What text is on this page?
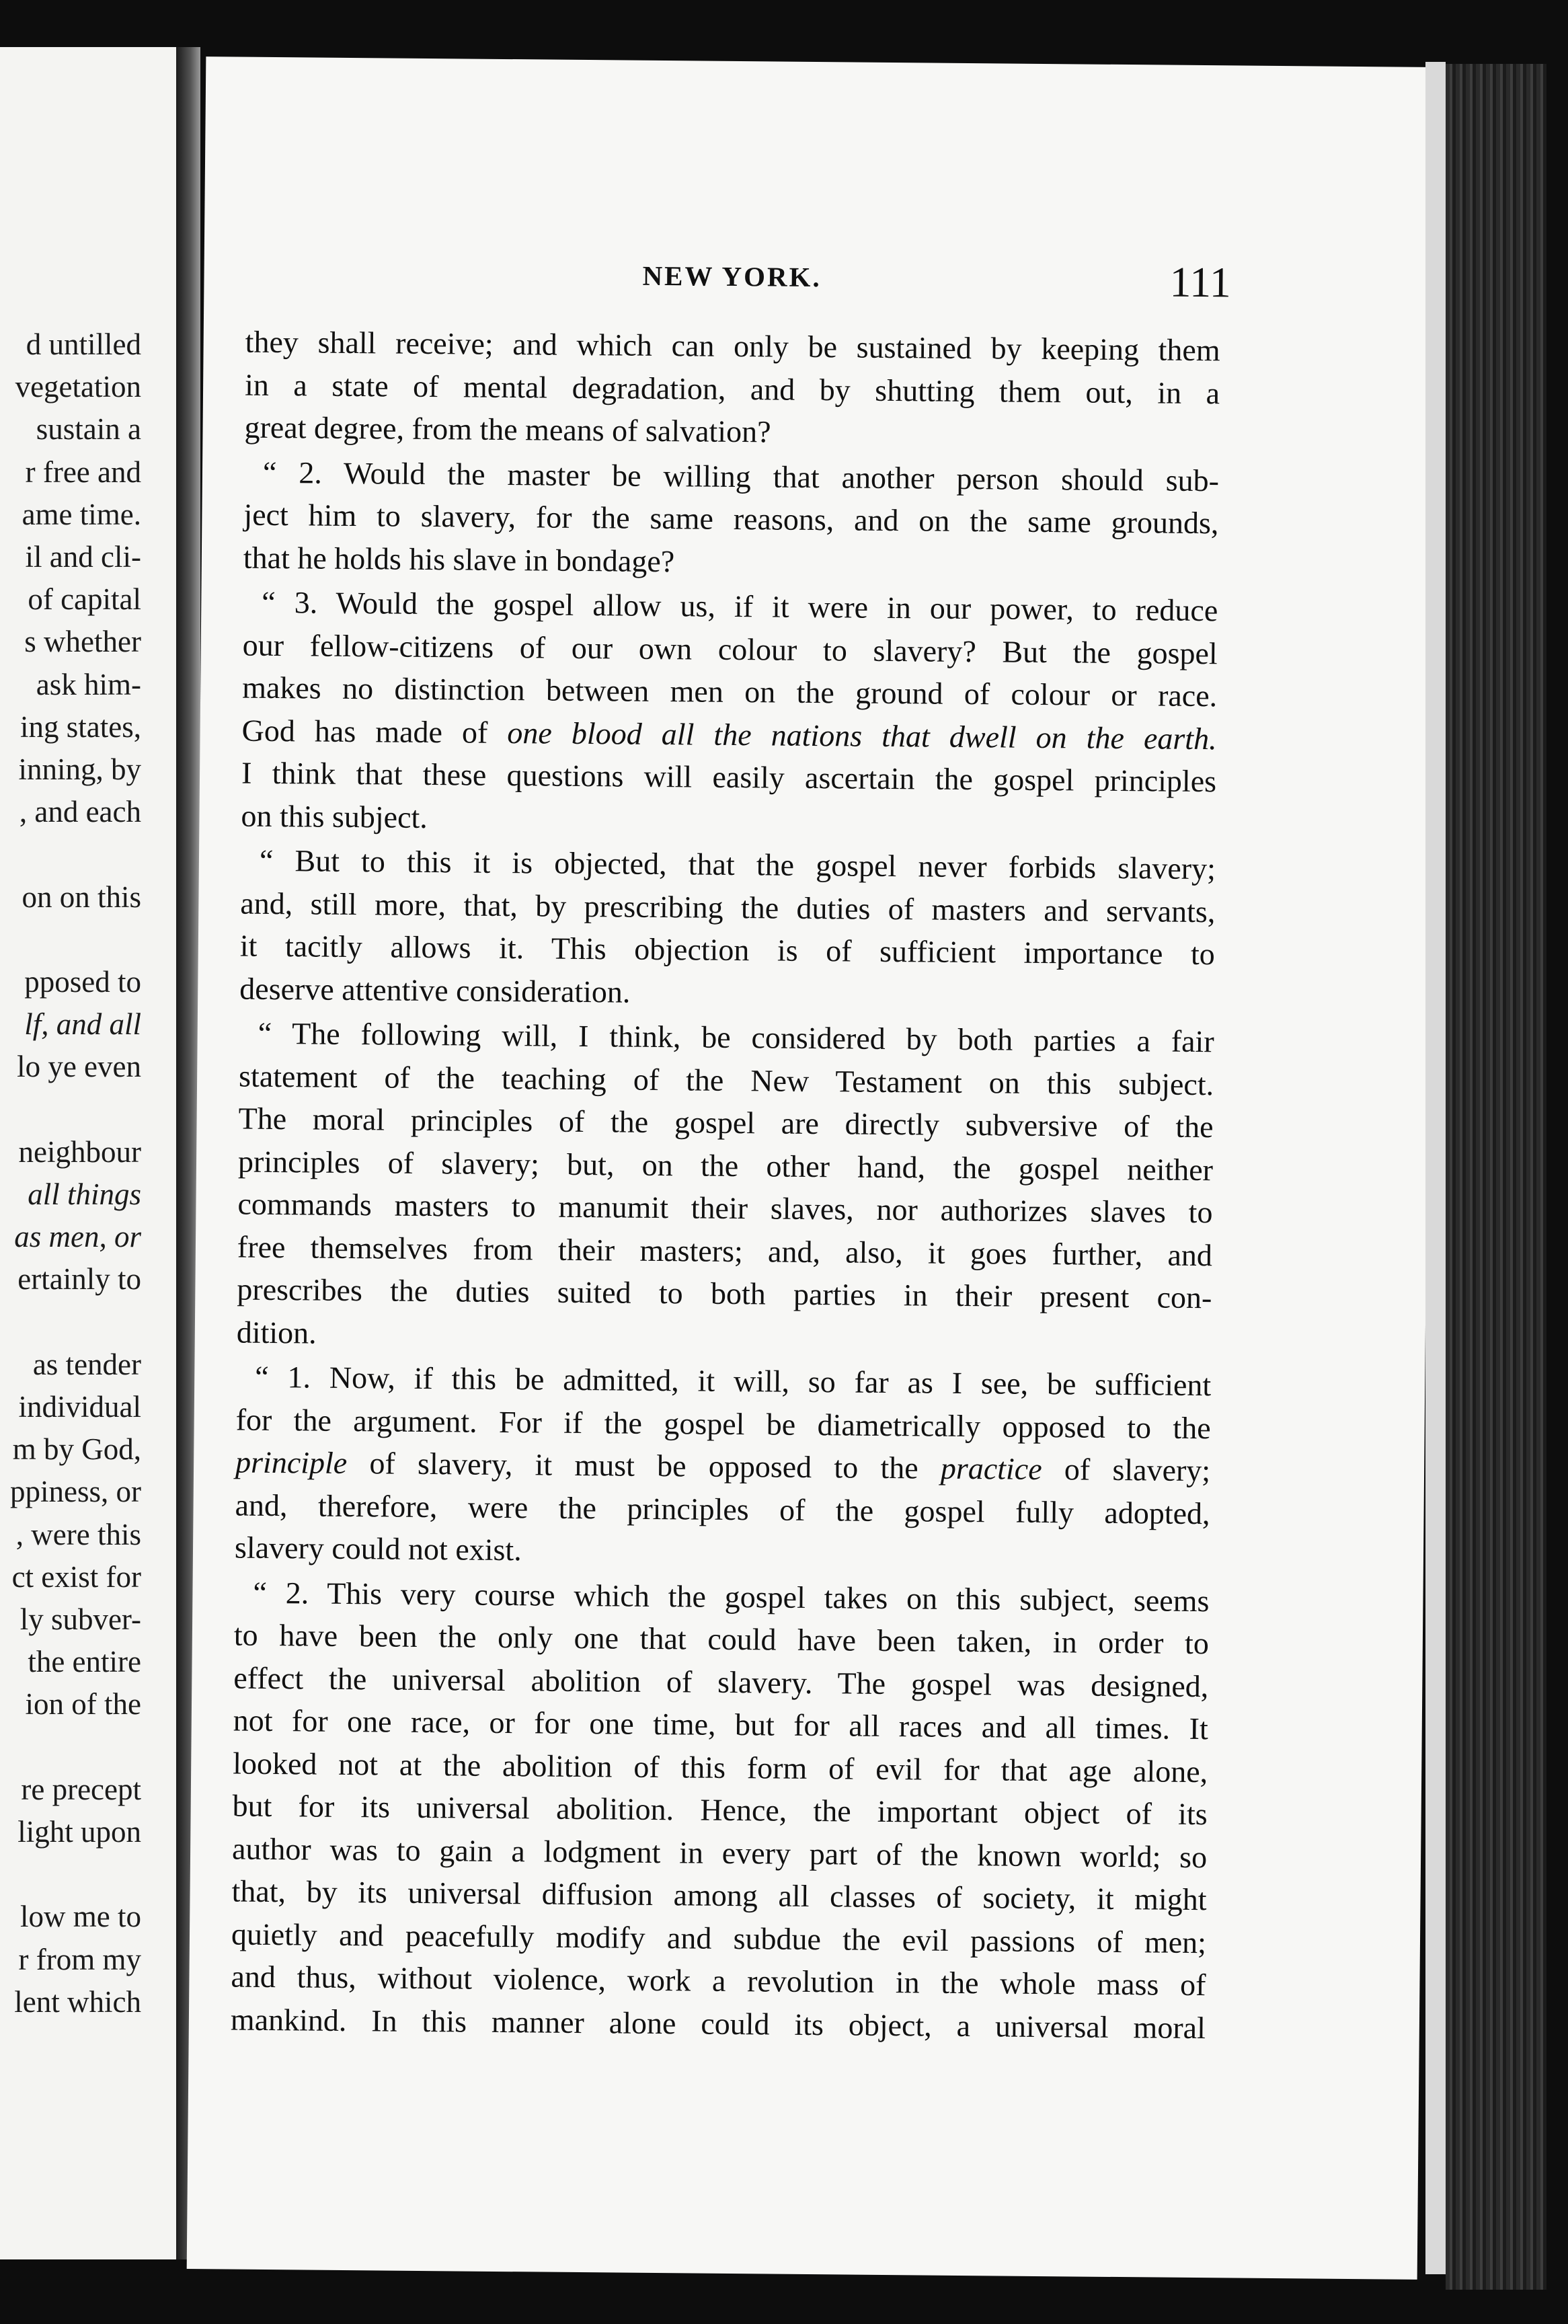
d untilled
vegetation
sustain a
r free and
ame time.
il and cli-
of capital
s whether
ask him-
ing states,
inning, by
, and each
on on this
pposed to
lf, and all
lo ye even
neighbour
all things
as men, or
ertainly to
as tender
individual
m by God,
ppiness, or
, were this
ct exist for
ly subver-
the entire
ion of the
re precept
light upon
low me to
r from my
lent which
NEW YORK.	111
they shall receive; and which can only be sustained by keeping them
in a state of mental degradation, and by shutting them out, in a
great degree, from the means of salvation?
“ 2. Would the master be willing that another person should sub-
ject him to slavery, for the same reasons, and on the same grounds,
that he holds his slave in bondage?
“ 3. Would the gospel allow us, if it were in our power, to reduce
our fellow-citizens of our own colour to slavery? But the gospel
makes no distinction between men on the ground of colour or race.
God has made of one blood all the nations that dwell on the earth.
I think that these questions will easily ascertain the gospel principles
on this subject.
“ But to this it is objected, that the gospel never forbids slavery;
and, still more, that, by prescribing the duties of masters and servants,
it tacitly allows it. This objection is of sufficient importance to
deserve attentive consideration.
“ The following will, I think, be considered by both parties a fair
statement of the teaching of the New Testament on this subject.
The moral principles of the gospel are directly subversive of the
principles of slavery; but, on the other hand, the gospel neither
commands masters to manumit their slaves, nor authorizes slaves to
free themselves from their masters; and, also, it goes further, and
prescribes the duties suited to both parties in their present con-
dition.
“ 1. Now, if this be admitted, it will, so far as I see, be sufficient
for the argument. For if the gospel be diametrically opposed to the
principle of slavery, it must be opposed to the practice of slavery;
and, therefore, were the principles of the gospel fully adopted,
slavery could not exist.
“ 2. This very course which the gospel takes on this subject, seems
to have been the only one that could have been taken, in order to
effect the universal abolition of slavery. The gospel was designed,
not for one race, or for one time, but for all races and all times. It
looked not at the abolition of this form of evil for that age alone,
but for its universal abolition. Hence, the important object of its
author was to gain a lodgment in every part of the known world; so
that, by its universal diffusion among all classes of society, it might
quietly and peacefully modify and subdue the evil passions of men;
and thus, without violence, work a revolution in the whole mass of
mankind. In this manner alone could its object, a universal moral
